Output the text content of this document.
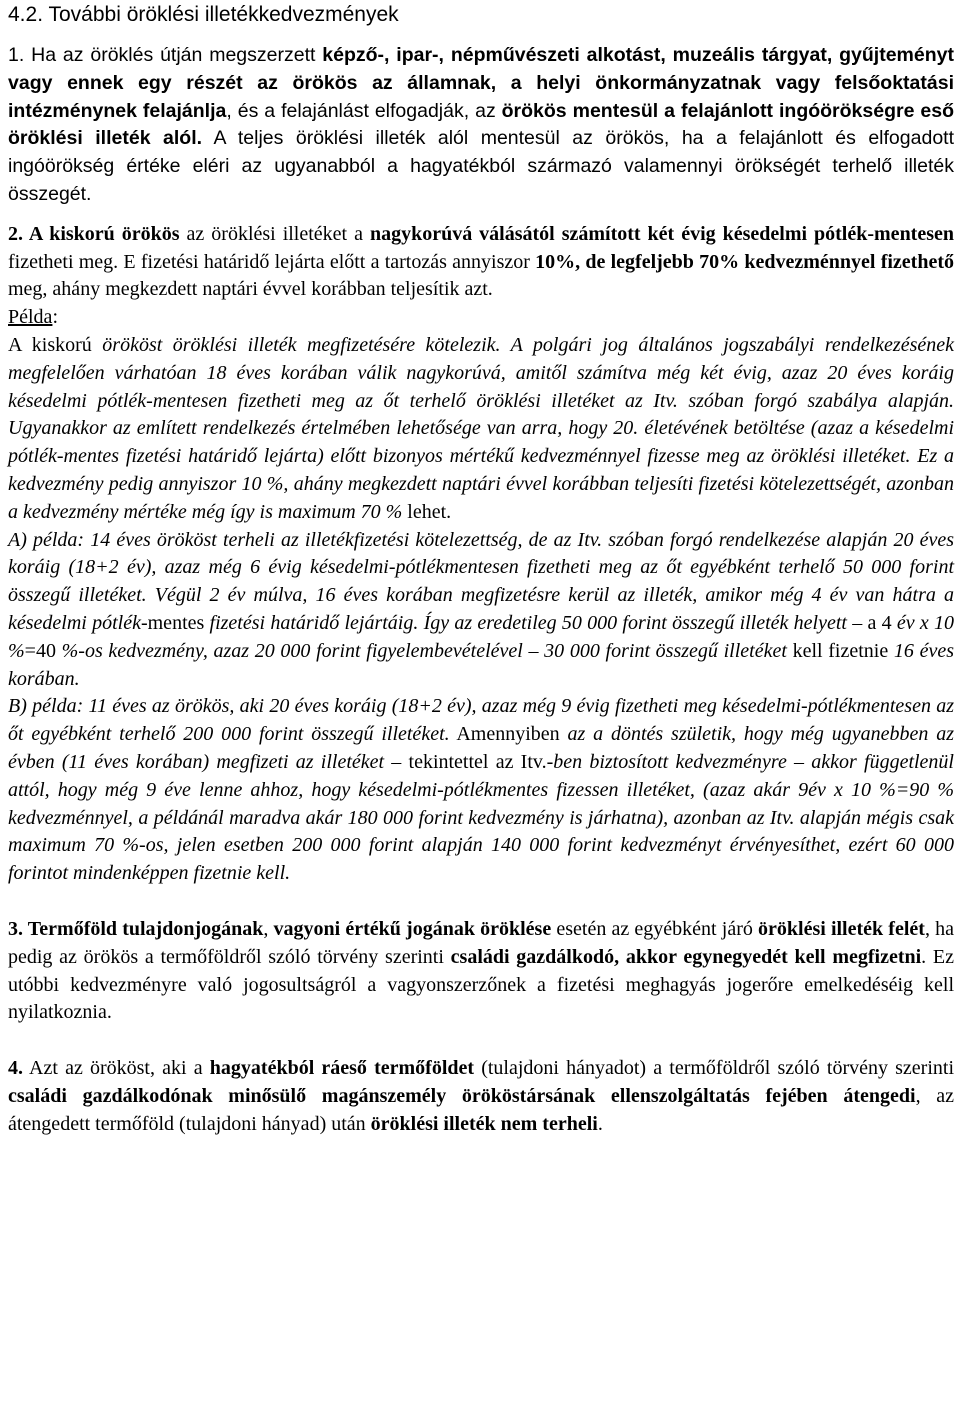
4.2. További öröklési illetékkedvezmények

1. Ha az öröklés útján megszerzett képző-, ipar-, népművészeti alkotást, muzeális tárgyat, gyűjteményt vagy ennek egy részét az örökös az államnak, a helyi önkormányzatnak vagy felsőoktatási intézménynek felajánlja, és a felajánlást elfogadják, az örökös mentesül a felajánlott ingóörökségre eső öröklési illeték alól. A teljes öröklési illeték alól mentesül az örökös, ha a felajánlott és elfogadott ingóörökség értéke eléri az ugyanabból a hagyatékból származó valamennyi örökségét terhelő illeték összegét.

2. A kiskorú örökös az öröklési illetéket a nagykorúvá válásától számított két évig késedelmi pótlék-mentesen fizetheti meg. E fizetési határidő lejárta előtt a tartozás annyiszor 10%, de legfeljebb 70% kedvezménnyel fizethető meg, ahány megkezdett naptári évvel korábban teljesítik azt.

Példa:

A kiskorú örököst öröklési illeték megfizetésére kötelezik. A polgári jog általános jogszabályi rendelkezésének megfelelően várhatóan 18 éves korában válik nagykorúvá, amitől számítva még két évig, azaz 20 éves koráig késedelmi pótlék-mentesen fizetheti meg az őt terhelő öröklési illetéket az Itv. szóban forgó szabálya alapján. Ugyanakkor az említett rendelkezés értelmében lehetősége van arra, hogy 20. életévének betöltése (azaz a késedelmi pótlék-mentes fizetési határidő lejárta) előtt bizonyos mértékű kedvezménnyel fizesse meg az öröklési illetéket. Ez a kedvezmény pedig annyiszor 10 %, ahány megkezdett naptári évvel korábban teljesíti fizetési kötelezettségét, azonban a kedvezmény mértéke még így is maximum 70 % lehet.

A) példa: 14 éves örököst terheli az illetékfizetési kötelezettség, de az Itv. szóban forgó rendelkezése alapján 20 éves koráig (18+2 év), azaz még 6 évig késedelmi-pótlékmentesen fizetheti meg az őt egyébként terhelő 50 000 forint összegű illetéket. Végül 2 év múlva, 16 éves korában megfizetésre kerül az illeték, amikor még 4 év van hátra a késedelmi pótlék-mentes fizetési határidő lejártáig. Így az eredetileg 50 000 forint összegű illeték helyett – a 4 év x 10 %=40 %-os kedvezmény, azaz 20 000 forint figyelembevételével – 30 000 forint összegű illetéket kell fizetnie 16 éves korában.

B) példa: 11 éves az örökös, aki 20 éves koráig (18+2 év), azaz még 9 évig fizetheti meg késedelmi-pótlékmentesen az őt egyébként terhelő 200 000 forint összegű illetéket. Amennyiben az a döntés születik, hogy még ugyanebben az évben (11 éves korában) megfizeti az illetéket – tekintettel az Itv.-ben biztosított kedvezményre – akkor függetlenül attól, hogy még 9 éve lenne ahhoz, hogy késedelmi-pótlékmentes fizessen illetéket, (azaz akár 9év x 10 %=90 % kedvezménnyel, a példánál maradva akár 180 000 forint kedvezmény is járhatna), azonban az Itv. alapján mégis csak maximum 70 %-os, jelen esetben 200 000 forint alapján 140 000 forint kedvezményt érvényesíthet, ezért 60 000 forintot mindenképpen fizetnie kell.

3. Termőföld tulajdonjogának, vagyoni értékű jogának öröklése esetén az egyébként járó öröklési illeték felét, ha pedig az örökös a termőföldről szóló törvény szerinti családi gazdálkodó, akkor egynegyedét kell megfizetni. Ez utóbbi kedvezményre való jogosultságról a vagyonszerzőnek a fizetési meghagyás jogerőre emelkedéséig kell nyilatkoznia.

4. Azt az örököst, aki a hagyatékból ráeső termőföldet (tulajdoni hányadot) a termőföldről szóló törvény szerinti családi gazdálkodónak minősülő magánszemély örököstársának ellenszolgáltatás fejében átengedi, az átengedett termőföld (tulajdoni hányad) után öröklési illeték nem terheli.
